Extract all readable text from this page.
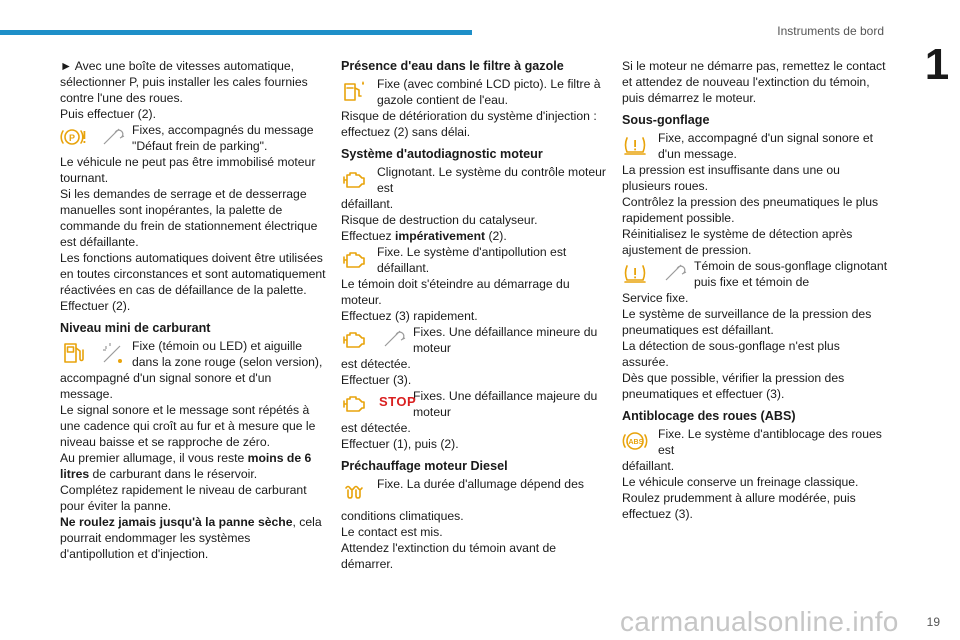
Instruments de bord
1

► Avec une boîte de vitesses automatique, sélectionner P, puis installer les cales fournies contre l'une des roues.

Puis effectuer (2).

P
Fixes, accompagnés du message "Défaut frein de parking".

Le véhicule ne peut pas être immobilisé moteur tournant.

Si les demandes de serrage et de desserrage manuelles sont inopérantes, la palette de commande du frein de stationnement électrique est défaillante.

Les fonctions automatiques doivent être utilisées en toutes circonstances et sont automatiquement réactivées en cas de défaillance de la palette.

Effectuer (2).

Niveau mini de carburant
Fixe (témoin ou LED) et aiguille dans la zone rouge (selon version),

accompagné d'un signal sonore et d'un message.

Le signal sonore et le message sont répétés à une cadence qui croît au fur et à mesure que le niveau baisse et se rapproche de zéro.

Au premier allumage, il vous reste moins de 6 litres de carburant dans le réservoir.

Complétez rapidement le niveau de carburant pour éviter la panne.

Ne roulez jamais jusqu'à la panne sèche, cela pourrait endommager les systèmes d'antipollution et d'injection.

Présence d'eau dans le filtre à gazole
Fixe (avec combiné LCD picto). Le filtre à gazole contient de l'eau.

Risque de détérioration du système d'injection : effectuez (2) sans délai.

Système d'autodiagnostic moteur
Clignotant. Le système du contrôle moteur est

défaillant.

Risque de destruction du catalyseur.

Effectuez impérativement (2).

Fixe. Le système d'antipollution est défaillant.

Le témoin doit s'éteindre au démarrage du moteur.

Effectuez (3) rapidement.

Fixes. Une défaillance mineure du moteur

est détectée.

Effectuer (3).

STOP
Fixes. Une défaillance majeure du moteur

est détectée.

Effectuer (1), puis (2).

Préchauffage moteur Diesel
Fixe. La durée d'allumage dépend des

conditions climatiques.

Le contact est mis.

Attendez l'extinction du témoin avant de démarrer.

Si le moteur ne démarre pas, remettez le contact et attendez de nouveau l'extinction du témoin, puis démarrez le moteur.

Sous-gonflage
Fixe, accompagné d'un signal sonore et d'un message.

La pression est insuffisante dans une ou plusieurs roues.

Contrôlez la pression des pneumatiques le plus rapidement possible.

Réinitialisez le système de détection après ajustement de pression.

Témoin de sous-gonflage clignotant puis fixe et témoin de

Service fixe.

Le système de surveillance de la pression des pneumatiques est défaillant.

La détection de sous-gonflage n'est plus assurée.

Dès que possible, vérifier la pression des pneumatiques et effectuer (3).

Antiblocage des roues (ABS)
ABS
Fixe. Le système d'antiblocage des roues est

défaillant.

Le véhicule conserve un freinage classique.

Roulez prudemment à allure modérée, puis effectuez (3).

carmanualsonline.info 19
